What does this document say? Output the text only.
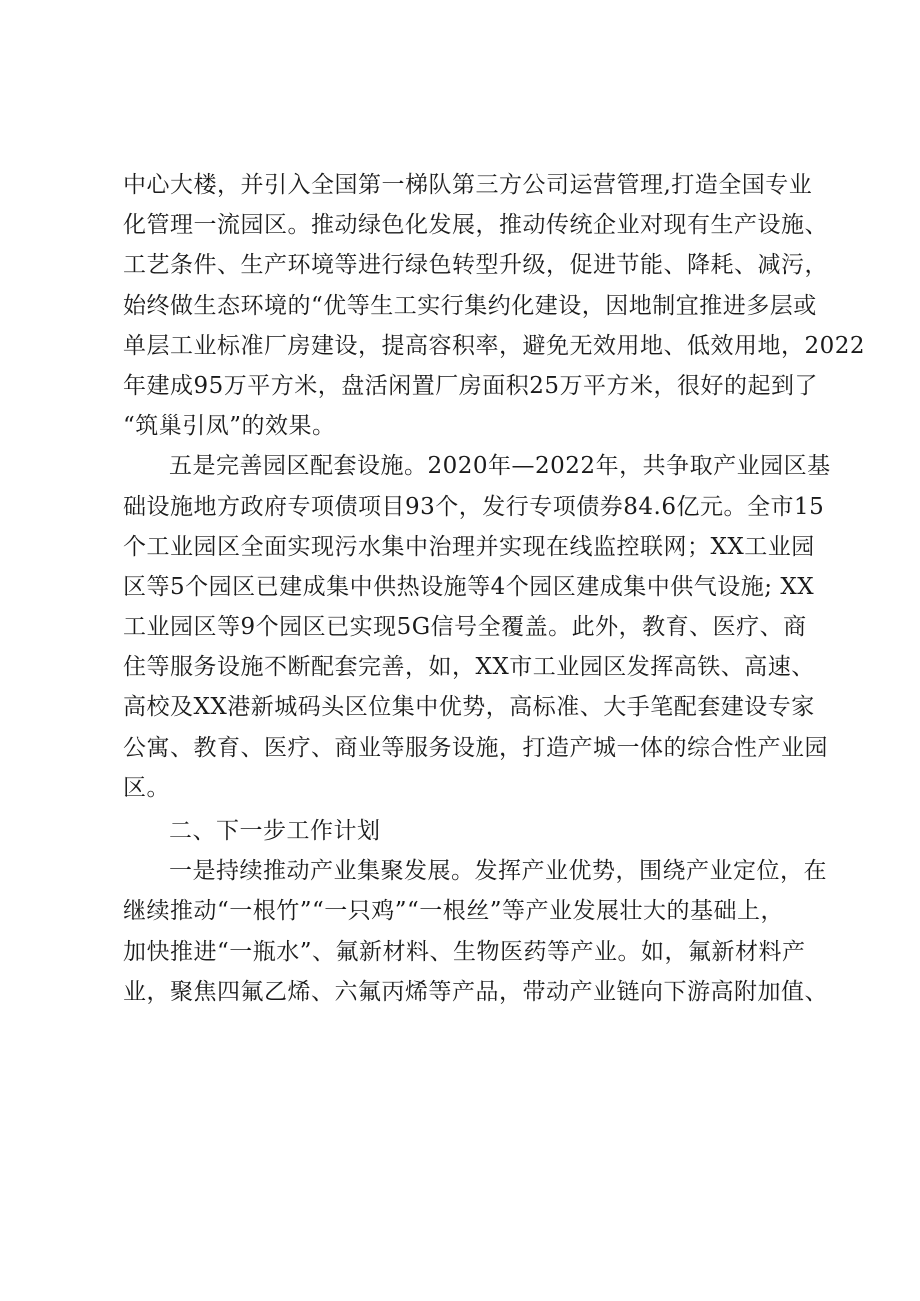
中心大楼，并引入全国第一梯队第三方公司运营管理,打造全国专业
化管理一流园区。推动绿色化发展，推动传统企业对现有生产设施、
工艺条件、生产环境等进行绿色转型升级，促进节能、降耗、减污，
始终做生态环境的“优等生工实行集约化建设，因地制宜推进多层或
单层工业标准厂房建设，提高容积率，避免无效用地、低效用地，2022
年建成95万平方米，盘活闲置厂房面积25万平方米，很好的起到了
“筑巢引凤”的效果。
五是完善园区配套设施。2020年—2022年，共争取产业园区基
础设施地方政府专项债项目93个，发行专项债券84.6亿元。全市15
个工业园区全面实现污水集中治理并实现在线监控联网；XX工业园
区等5个园区已建成集中供热设施等4个园区建成集中供气设施; XX
工业园区等9个园区已实现5G信号全覆盖。此外，教育、医疗、商
住等服务设施不断配套完善，如，XX市工业园区发挥高铁、高速、
高校及XX港新城码头区位集中优势，高标准、大手笔配套建设专家
公寓、教育、医疗、商业等服务设施，打造产城一体的综合性产业园
区。
二、下一步工作计划
一是持续推动产业集聚发展。发挥产业优势，围绕产业定位，在
继续推动“一根竹”“一只鸡”“一根丝”等产业发展壮大的基础上，
加快推进“一瓶水”、氟新材料、生物医药等产业。如，氟新材料产
业，聚焦四氟乙烯、六氟丙烯等产品，带动产业链向下游高附加值、
